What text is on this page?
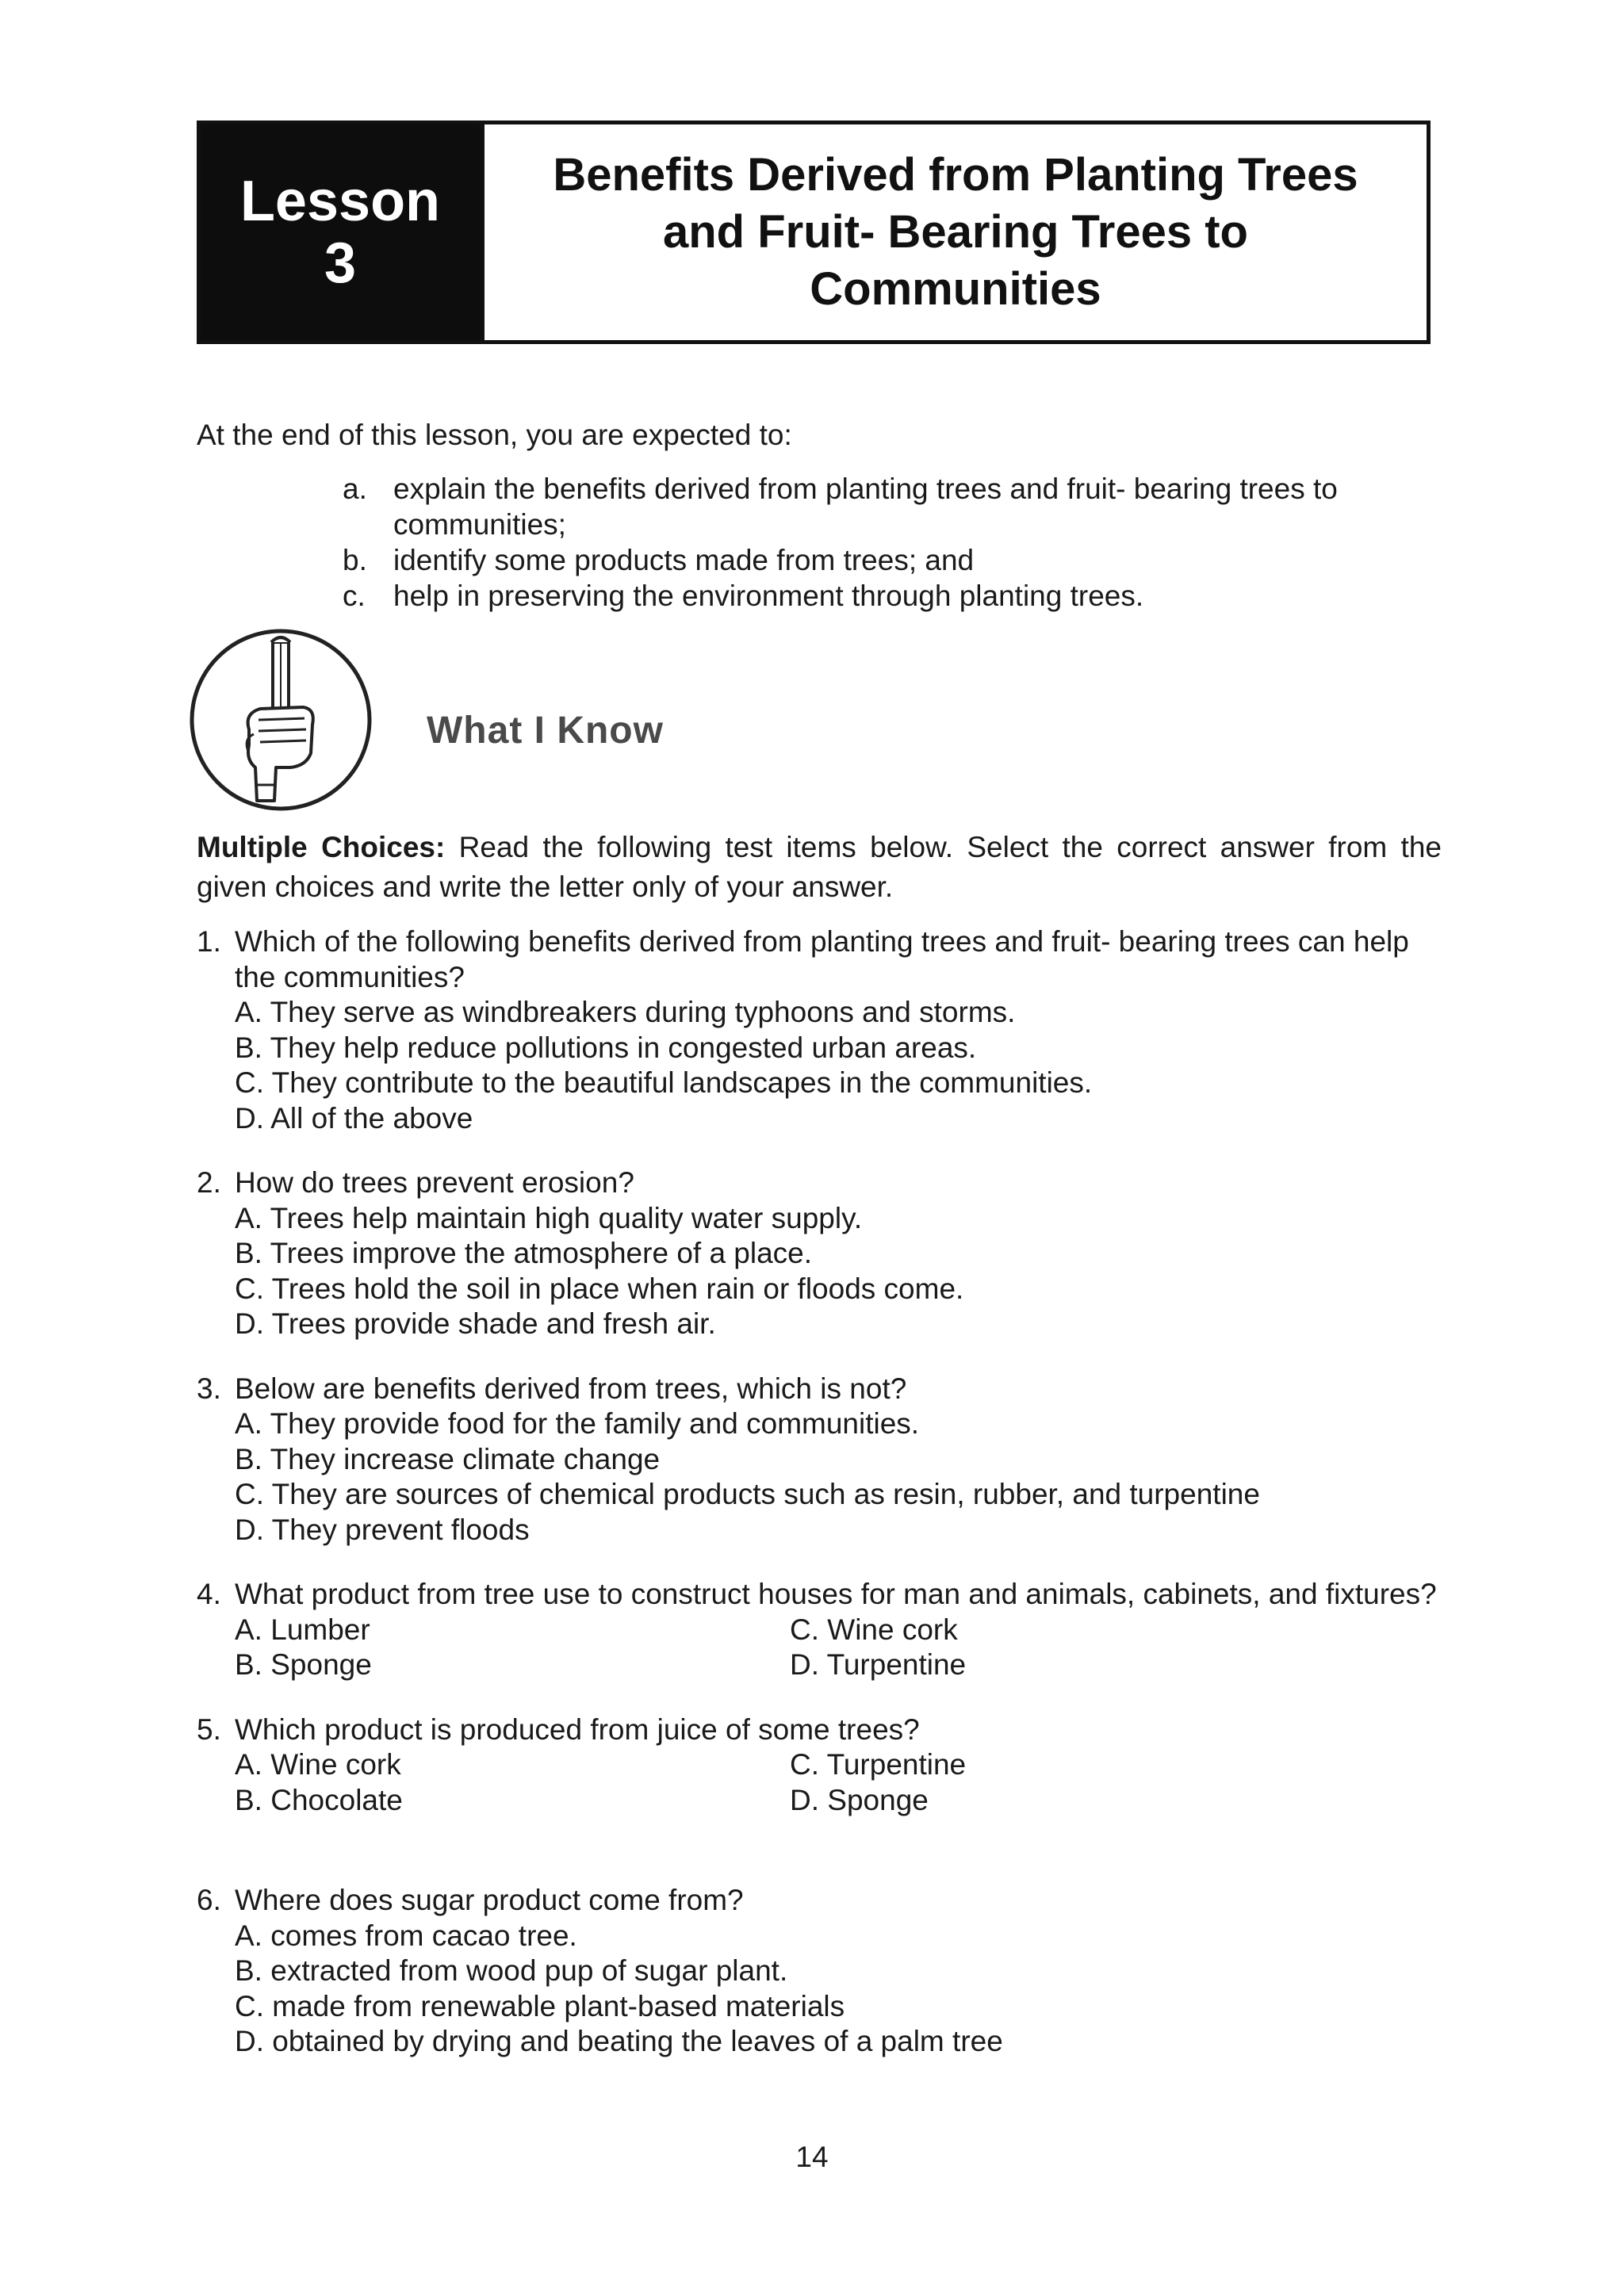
Lesson
3
Benefits Derived from Planting Trees
and Fruit- Bearing Trees to
Communities
At the end of this lesson, you are expected to:
a. explain the benefits derived from planting trees and fruit- bearing trees to communities;
b. identify some products made from trees; and
c. help in preserving the environment through planting trees.
What I Know
Multiple Choices: Read the following test items below. Select the correct answer from the given choices and write the letter only of your answer.
1. Which of the following benefits derived from planting trees and fruit- bearing trees can help the communities?
A. They serve as windbreakers during typhoons and storms.
B. They help reduce pollutions in congested urban areas.
C. They contribute to the beautiful landscapes in the communities.
D. All of the above
2. How do trees prevent erosion?
A. Trees help maintain high quality water supply.
B. Trees improve the atmosphere of a place.
C. Trees hold the soil in place when rain or floods come.
D. Trees provide shade and fresh air.
3. Below are benefits derived from trees, which is not?
A. They provide food for the family and communities.
B. They increase climate change
C. They are sources of chemical products such as resin, rubber, and turpentine
D. They prevent floods
4. What product from tree use to construct houses for man and animals, cabinets, and fixtures?
A. Lumber	C. Wine cork
B. Sponge	D. Turpentine
5. Which product is produced from juice of some trees?
A. Wine cork	C. Turpentine
B. Chocolate	D. Sponge
6. Where does sugar product come from?
A. comes from cacao tree.
B. extracted from wood pup of sugar plant.
C. made from renewable plant-based materials
D. obtained by drying and beating the leaves of a palm tree
14
